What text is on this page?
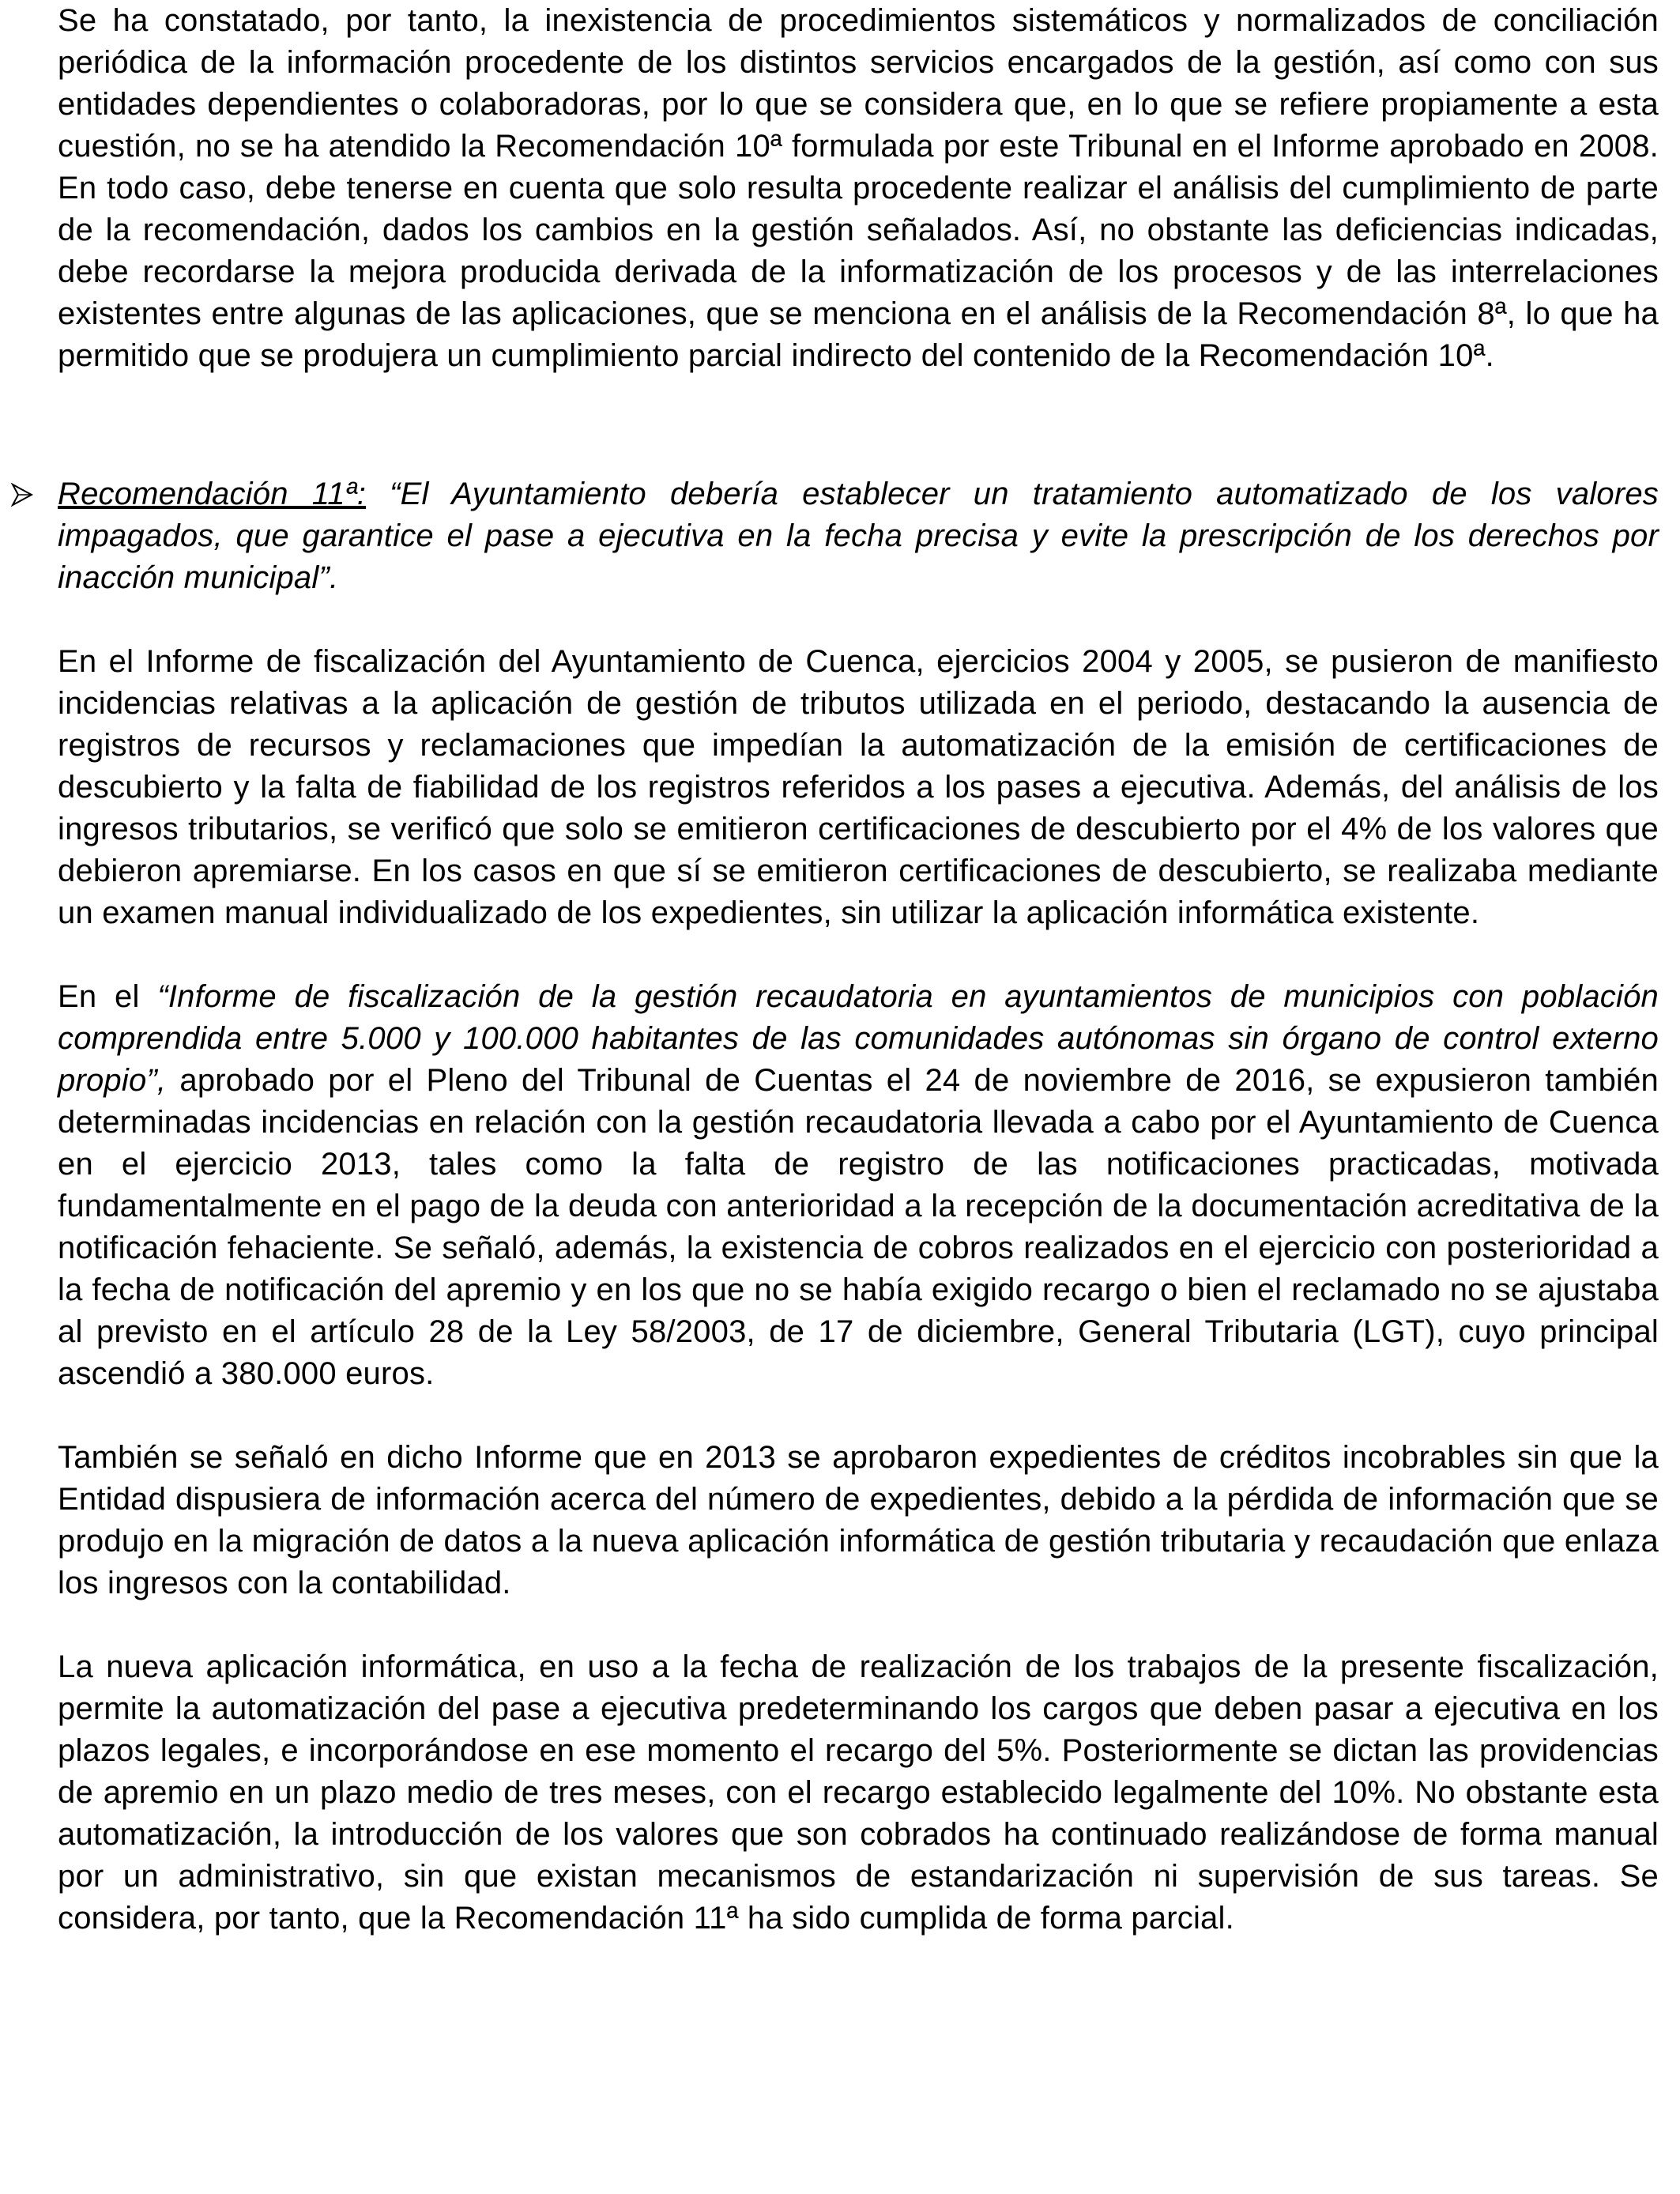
Se ha constatado, por tanto, la inexistencia de procedimientos sistemáticos y normalizados de conciliación periódica de la información procedente de los distintos servicios encargados de la gestión, así como con sus entidades dependientes o colaboradoras, por lo que se considera que, en lo que se refiere propiamente a esta cuestión, no se ha atendido la Recomendación 10ª formulada por este Tribunal en el Informe aprobado en 2008. En todo caso, debe tenerse en cuenta que solo resulta procedente realizar el análisis del cumplimiento de parte de la recomendación, dados los cambios en la gestión señalados. Así, no obstante las deficiencias indicadas, debe recordarse la mejora producida derivada de la informatización de los procesos y de las interrelaciones existentes entre algunas de las aplicaciones, que se menciona en el análisis de la Recomendación 8ª, lo que ha permitido que se produjera un cumplimiento parcial indirecto del contenido de la Recomendación 10ª.

Recomendación 11ª: “El Ayuntamiento debería establecer un tratamiento automatizado de los valores impagados, que garantice el pase a ejecutiva en la fecha precisa y evite la prescripción de los derechos por inacción municipal”.

En el Informe de fiscalización del Ayuntamiento de Cuenca, ejercicios 2004 y 2005, se pusieron de manifiesto incidencias relativas a la aplicación de gestión de tributos utilizada en el periodo, destacando la ausencia de registros de recursos y reclamaciones que impedían la automatización de la emisión de certificaciones de descubierto y la falta de fiabilidad de los registros referidos a los pases a ejecutiva. Además, del análisis de los ingresos tributarios, se verificó que solo se emitieron certificaciones de descubierto por el 4% de los valores que debieron apremiarse. En los casos en que sí se emitieron certificaciones de descubierto, se realizaba mediante un examen manual individualizado de los expedientes, sin utilizar la aplicación informática existente.

En el “Informe de fiscalización de la gestión recaudatoria en ayuntamientos de municipios con población comprendida entre 5.000 y 100.000 habitantes de las comunidades autónomas sin órgano de control externo propio”, aprobado por el Pleno del Tribunal de Cuentas el 24 de noviembre de 2016, se expusieron también determinadas incidencias en relación con la gestión recaudatoria llevada a cabo por el Ayuntamiento de Cuenca en el ejercicio 2013, tales como la falta de registro de las notificaciones practicadas, motivada fundamentalmente en el pago de la deuda con anterioridad a la recepción de la documentación acreditativa de la notificación fehaciente. Se señaló, además, la existencia de cobros realizados en el ejercicio con posterioridad a la fecha de notificación del apremio y en los que no se había exigido recargo o bien el reclamado no se ajustaba al previsto en el artículo 28 de la Ley 58/2003, de 17 de diciembre, General Tributaria (LGT), cuyo principal ascendió a 380.000 euros.

También se señaló en dicho Informe que en 2013 se aprobaron expedientes de créditos incobrables sin que la Entidad dispusiera de información acerca del número de expedientes, debido a la pérdida de información que se produjo en la migración de datos a la nueva aplicación informática de gestión tributaria y recaudación que enlaza los ingresos con la contabilidad.

La nueva aplicación informática, en uso a la fecha de realización de los trabajos de la presente fiscalización, permite la automatización del pase a ejecutiva predeterminando los cargos que deben pasar a ejecutiva en los plazos legales, e incorporándose en ese momento el recargo del 5%. Posteriormente se dictan las providencias de apremio en un plazo medio de tres meses, con el recargo establecido legalmente del 10%. No obstante esta automatización, la introducción de los valores que son cobrados ha continuado realizándose de forma manual por un administrativo, sin que existan mecanismos de estandarización ni supervisión de sus tareas. Se considera, por tanto, que la Recomendación 11ª ha sido cumplida de forma parcial.
